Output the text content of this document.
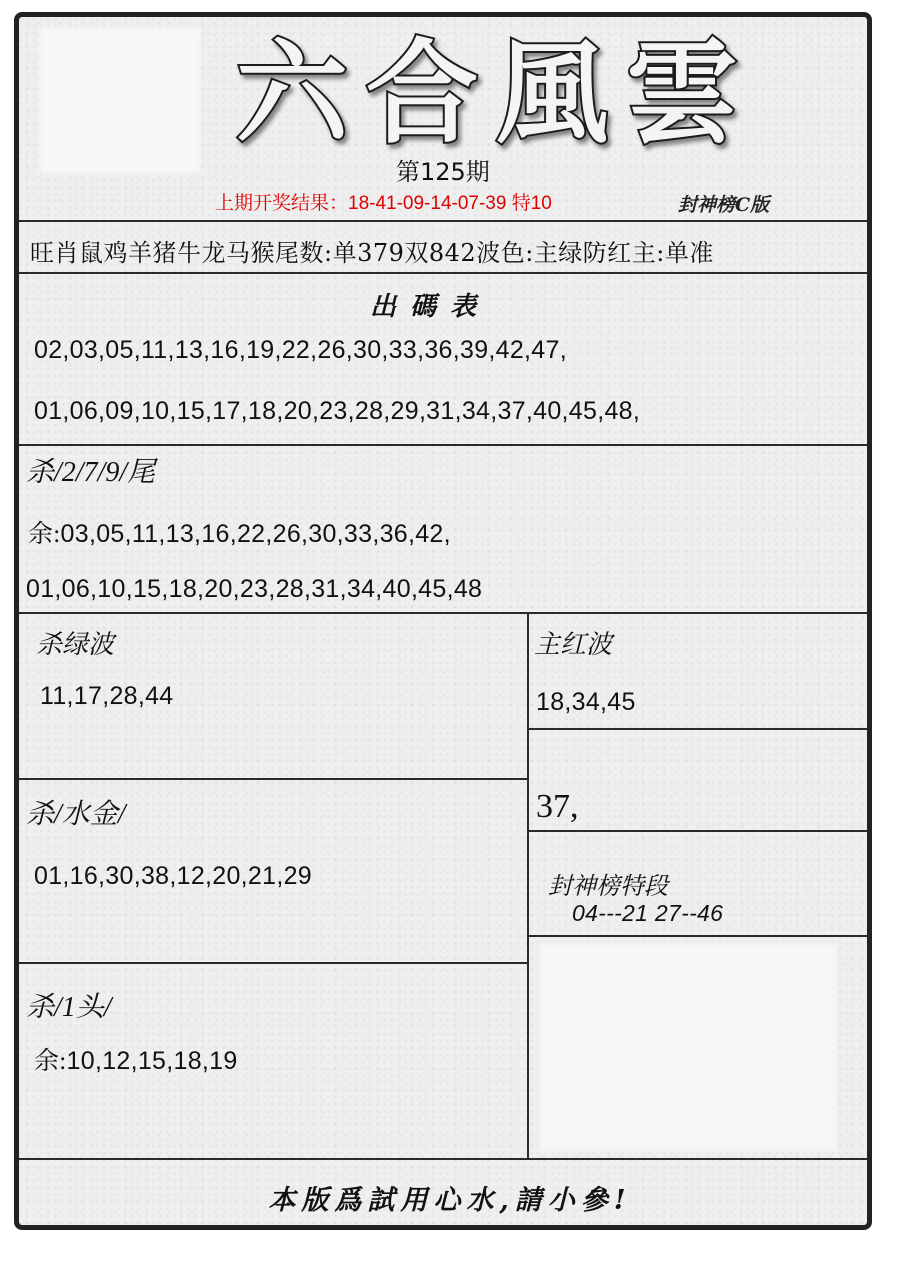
六合風雲
第125期
上期开奖结果：18-41-09-14-07-39 特10	封神榜C版
旺肖鼠鸡羊猪牛龙马猴尾数:单379双842波色:主绿防红主:单准
出碼表
02,03,05,11,13,16,19,22,26,30,33,36,39,42,47,
01,06,09,10,15,17,18,20,23,28,29,31,34,37,40,45,48,
杀/2/7/9/尾
余:03,05,11,13,16,22,26,30,33,36,42,
01,06,10,15,18,20,23,28,31,34,40,45,48
杀绿波
11,17,28,44
杀/水金/
01,16,30,38,12,20,21,29
杀/1头/
余:10,12,15,18,19
主红波
18,34,45
37,
封神榜特段
04---21 27--46
本版爲試用心水,請小參!
